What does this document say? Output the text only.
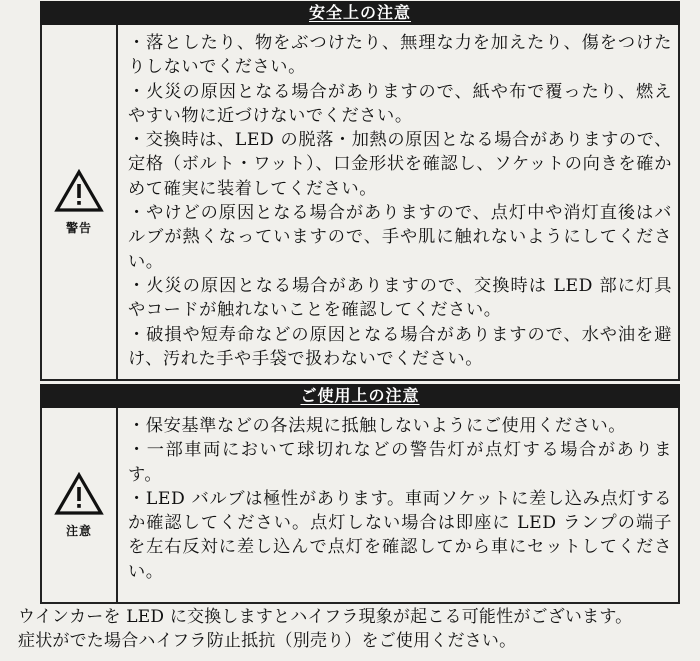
安全上の注意
警告

・落としたり、物をぶつけたり、無理な力を加えたり、傷をつけたりしないでください。

・火災の原因となる場合がありますので、紙や布で覆ったり、燃えやすい物に近づけないでください。

・交換時は、LED の脱落・加熱の原因となる場合がありますので、定格（ボルト・ワット）、口金形状を確認し、ソケットの向きを確かめて確実に装着してください。

・やけどの原因となる場合がありますので、点灯中や消灯直後はバルブが熱くなっていますので、手や肌に触れないようにしてください。

・火災の原因となる場合がありますので、交換時は LED 部に灯具やコードが触れないことを確認してください。

・破損や短寿命などの原因となる場合がありますので、水や油を避け、汚れた手や手袋で扱わないでください。

ご使用上の注意
注意

・保安基準などの各法規に抵触しないようにご使用ください。

・一部車両において球切れなどの警告灯が点灯する場合があります。

・LED バルブは極性があります。車両ソケットに差し込み点灯するか確認してください。点灯しない場合は即座に LED ランプの端子を左右反対に差し込んで点灯を確認してから車にセットしてください。

ウインカーを LED に交換しますとハイフラ現象が起こる可能性がございます。

症状がでた場合ハイフラ防止抵抗（別売り）をご使用ください。
